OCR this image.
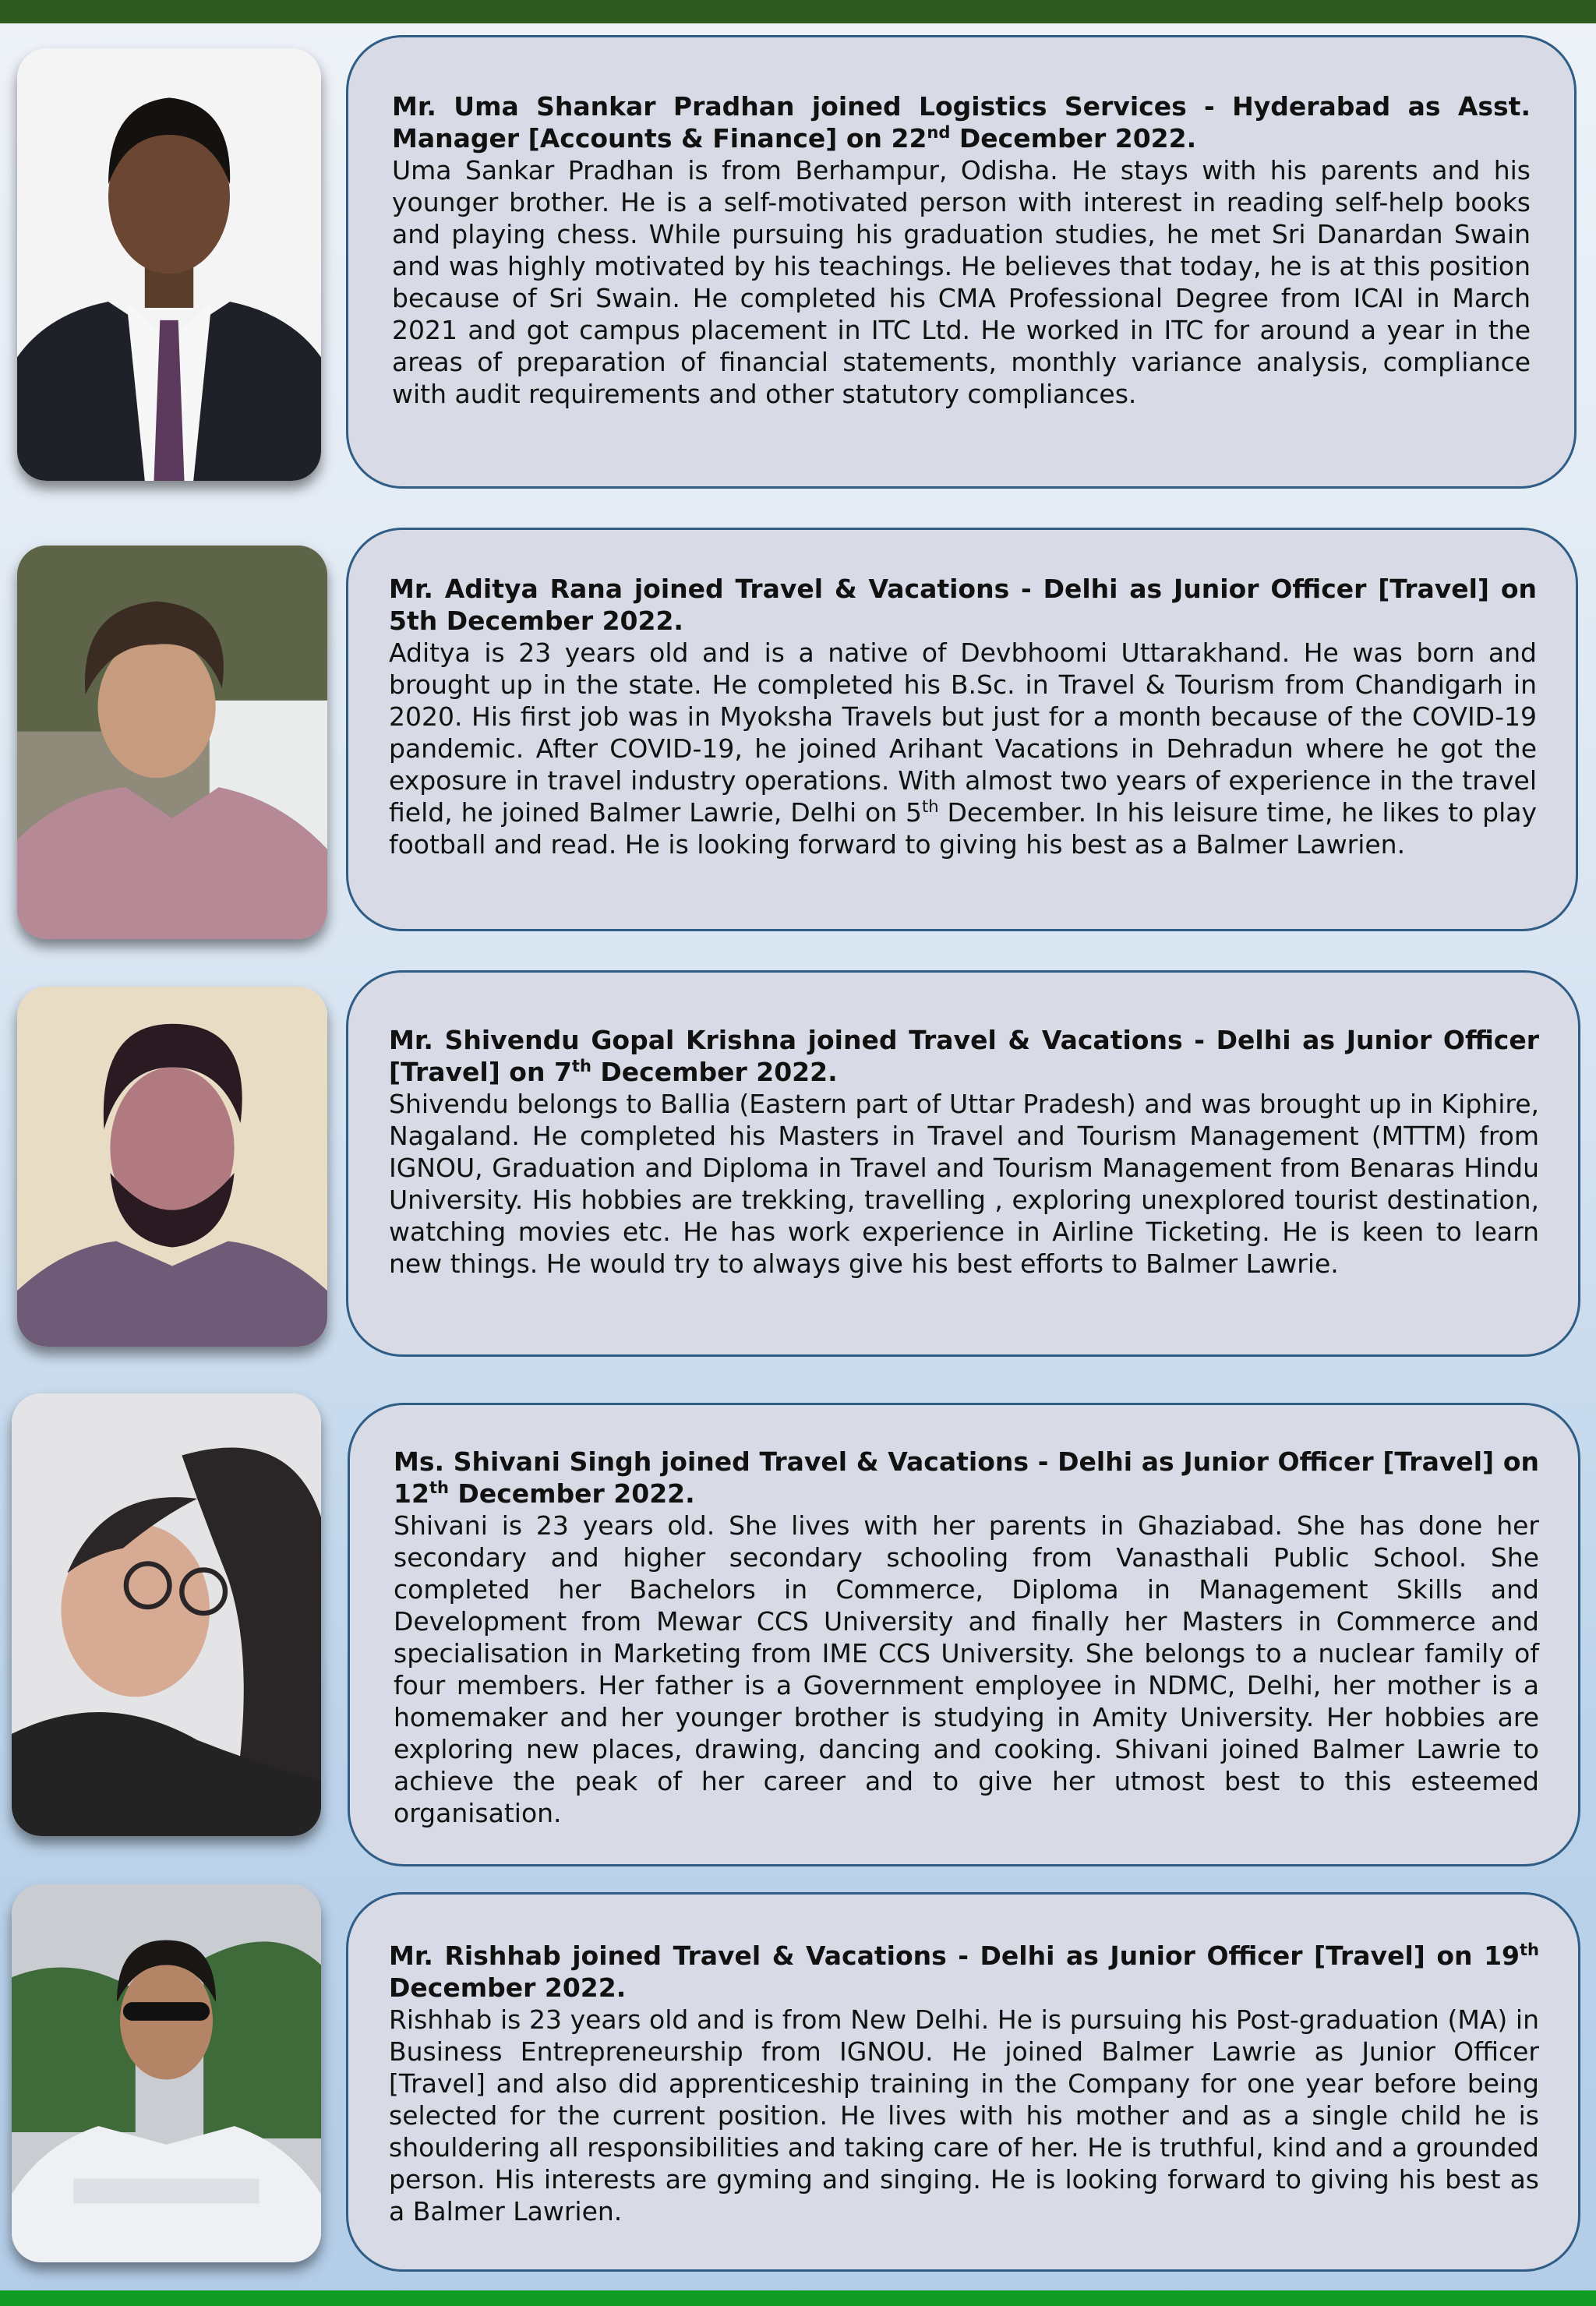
Mr. Uma Shankar Pradhan joined Logistics Services - Hyderabad as Asst. Manager [Accounts & Finance] on 22nd December 2022.

Uma Sankar Pradhan is from Berhampur, Odisha. He stays with his parents and his younger brother. He is a self-motivated person with interest in reading self-help books and playing chess. While pursuing his graduation studies, he met Sri Danardan Swain and was highly motivated by his teachings. He believes that today, he is at this position because of Sri Swain. He completed his CMA Professional Degree from ICAI in March 2021 and got campus placement in ITC Ltd. He worked in ITC for around a year in the areas of preparation of financial statements, monthly variance analysis, compliance with audit requirements and other statutory compliances.

Mr. Aditya Rana joined Travel & Vacations - Delhi as Junior Officer [Travel] on 5th December 2022.

Aditya is 23 years old and is a native of Devbhoomi Uttarakhand. He was born and brought up in the state. He completed his B.Sc. in Travel & Tourism from Chandigarh in 2020. His first job was in Myoksha Travels but just for a month because of the COVID-19 pandemic. After COVID-19, he joined Arihant Vacations in Dehradun where he got the exposure in travel industry operations. With almost two years of experience in the travel field, he joined Balmer Lawrie, Delhi on 5th December. In his leisure time, he likes to play football and read. He is looking forward to giving his best as a Balmer Lawrien.

Mr. Shivendu Gopal Krishna joined Travel & Vacations - Delhi as Junior Officer [Travel] on 7th December 2022.

Shivendu belongs to Ballia (Eastern part of Uttar Pradesh) and was brought up in Kiphire, Nagaland. He completed his Masters in Travel and Tourism Management (MTTM) from IGNOU, Graduation and Diploma in Travel and Tourism Management from Benaras Hindu University. His hobbies are trekking, travelling , exploring unexplored tourist destination, watching movies etc. He has work experience in Airline Ticketing. He is keen to learn new things. He would try to always give his best efforts to Balmer Lawrie.

Ms. Shivani Singh joined Travel & Vacations - Delhi as Junior Officer [Travel] on 12th December 2022.

Shivani is 23 years old. She lives with her parents in Ghaziabad. She has done her secondary and higher secondary schooling from Vanasthali Public School. She completed her Bachelors in Commerce, Diploma in Management Skills and Development from Mewar CCS University and finally her Masters in Commerce and specialisation in Marketing from IME CCS University. She belongs to a nuclear family of four members. Her father is a Government employee in NDMC, Delhi, her mother is a homemaker and her younger brother is studying in Amity University. Her hobbies are exploring new places, drawing, dancing and cooking. Shivani joined Balmer Lawrie to achieve the peak of her career and to give her utmost best to this esteemed organisation.

Mr. Rishhab joined Travel & Vacations - Delhi as Junior Officer [Travel] on 19th December 2022.

Rishhab is 23 years old and is from New Delhi. He is pursuing his Post-graduation (MA) in Business Entrepreneurship from IGNOU. He joined Balmer Lawrie as Junior Officer [Travel] and also did apprenticeship training in the Company for one year before being selected for the current position. He lives with his mother and as a single child he is shouldering all responsibilities and taking care of her. He is truthful, kind and a grounded person. His interests are gyming and singing. He is looking forward to giving his best as a Balmer Lawrien.
